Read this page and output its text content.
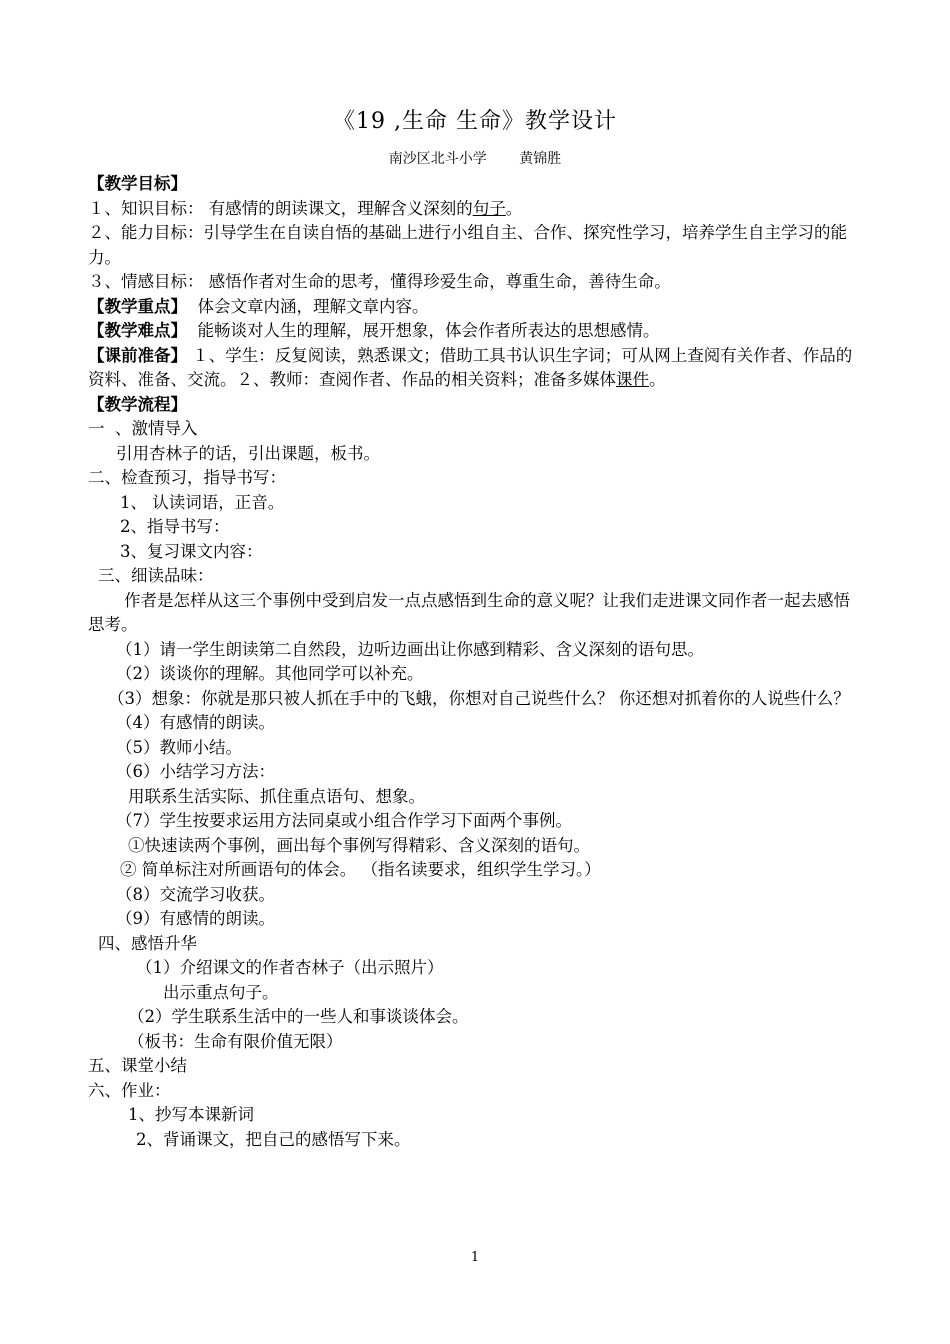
《19 ,生命 生命》教学设计
南沙区北斗小学 黄锦胜
【教学目标】
１、知识目标： 有感情的朗读课文，理解含义深刻的句子。
２、能力目标：引导学生在自读自悟的基础上进行小组自主、合作、探究性学习，培养学生自主学习的能力。
３、情感目标： 感悟作者对生命的思考，懂得珍爱生命，尊重生命，善待生命。
【教学重点】  体会文章内涵，理解文章内容。
【教学难点】  能畅谈对人生的理解，展开想象，体会作者所表达的思想感情。
【课前准备】 １、学生：反复阅读，熟悉课文；借助工具书认识生字词；可从网上查阅有关作者、作品的资料、准备、交流。２、教师：查阅作者、作品的相关资料；准备多媒体课件。
【教学流程】
一  、激情导入
引用杏林子的话，引出课题，板书。
二、检查预习，指导书写：
1、 认读词语，正音。
2、指导书写：
3、复习课文内容：
三、细读品味：
作者是怎样从这三个事例中受到启发一点点感悟到生命的意义呢？让我们走进课文同作者一起去感悟思考。
（1）请一学生朗读第二自然段，边听边画出让你感到精彩、含义深刻的语句思。
（2）谈谈你的理解。其他同学可以补充。
（3）想象：你就是那只被人抓在手中的飞蛾，你想对自己说些什么？ 你还想对抓着你的人说些什么？
（4）有感情的朗读。
（5）教师小结。
（6）小结学习方法：
用联系生活实际、抓住重点语句、想象。
（7）学生按要求运用方法同桌或小组合作学习下面两个事例。
①快速读两个事例，画出每个事例写得精彩、含义深刻的语句。
② 简单标注对所画语句的体会。 （指名读要求，组织学生学习。）
（8）交流学习收获。
（9）有感情的朗读。
四、感悟升华
（1）介绍课文的作者杏林子（出示照片）
出示重点句子。
（2）学生联系生活中的一些人和事谈谈体会。
（板书：生命有限价值无限）
五、课堂小结
六、作业：
1、抄写本课新词
2、背诵课文，把自己的感悟写下来。
1
